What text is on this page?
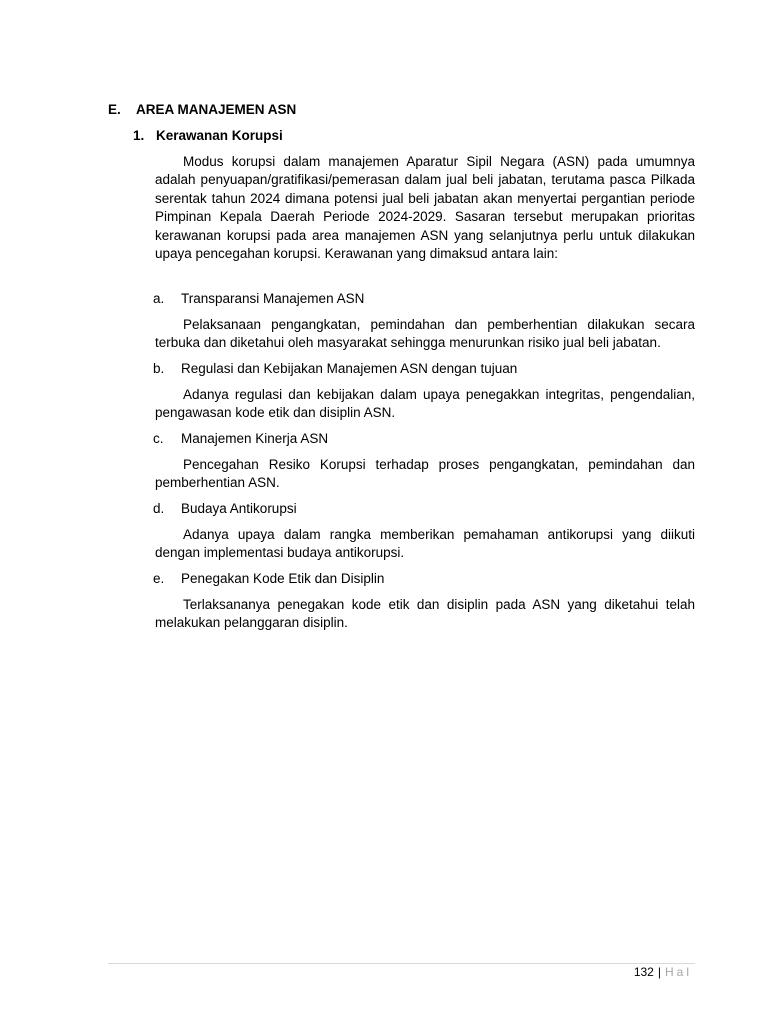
E. AREA MANAJEMEN ASN
1. Kerawanan Korupsi

Modus korupsi dalam manajemen Aparatur Sipil Negara (ASN) pada umumnya adalah penyuapan/gratifikasi/pemerasan dalam jual beli jabatan, terutama pasca Pilkada serentak tahun 2024 dimana potensi jual beli jabatan akan menyertai pergantian periode Pimpinan Kepala Daerah Periode 2024-2029. Sasaran tersebut merupakan prioritas kerawanan korupsi pada area manajemen ASN yang selanjutnya perlu untuk dilakukan upaya pencegahan korupsi. Kerawanan yang dimaksud antara lain:

a. Transparansi Manajemen ASN

Pelaksanaan pengangkatan, pemindahan dan pemberhentian dilakukan secara terbuka dan diketahui oleh masyarakat sehingga menurunkan risiko jual beli jabatan.

b. Regulasi dan Kebijakan Manajemen ASN dengan tujuan

Adanya regulasi dan kebijakan dalam upaya penegakkan integritas, pengendalian, pengawasan kode etik dan disiplin ASN.

c. Manajemen Kinerja ASN

Pencegahan Resiko Korupsi terhadap proses pengangkatan, pemindahan dan pemberhentian ASN.

d. Budaya Antikorupsi

Adanya upaya dalam rangka memberikan pemahaman antikorupsi yang diikuti dengan implementasi budaya antikorupsi.

e. Penegakan Kode Etik dan Disiplin

Terlaksananya penegakan kode etik dan disiplin pada ASN yang diketahui telah melakukan pelanggaran disiplin.

132 | Hal
